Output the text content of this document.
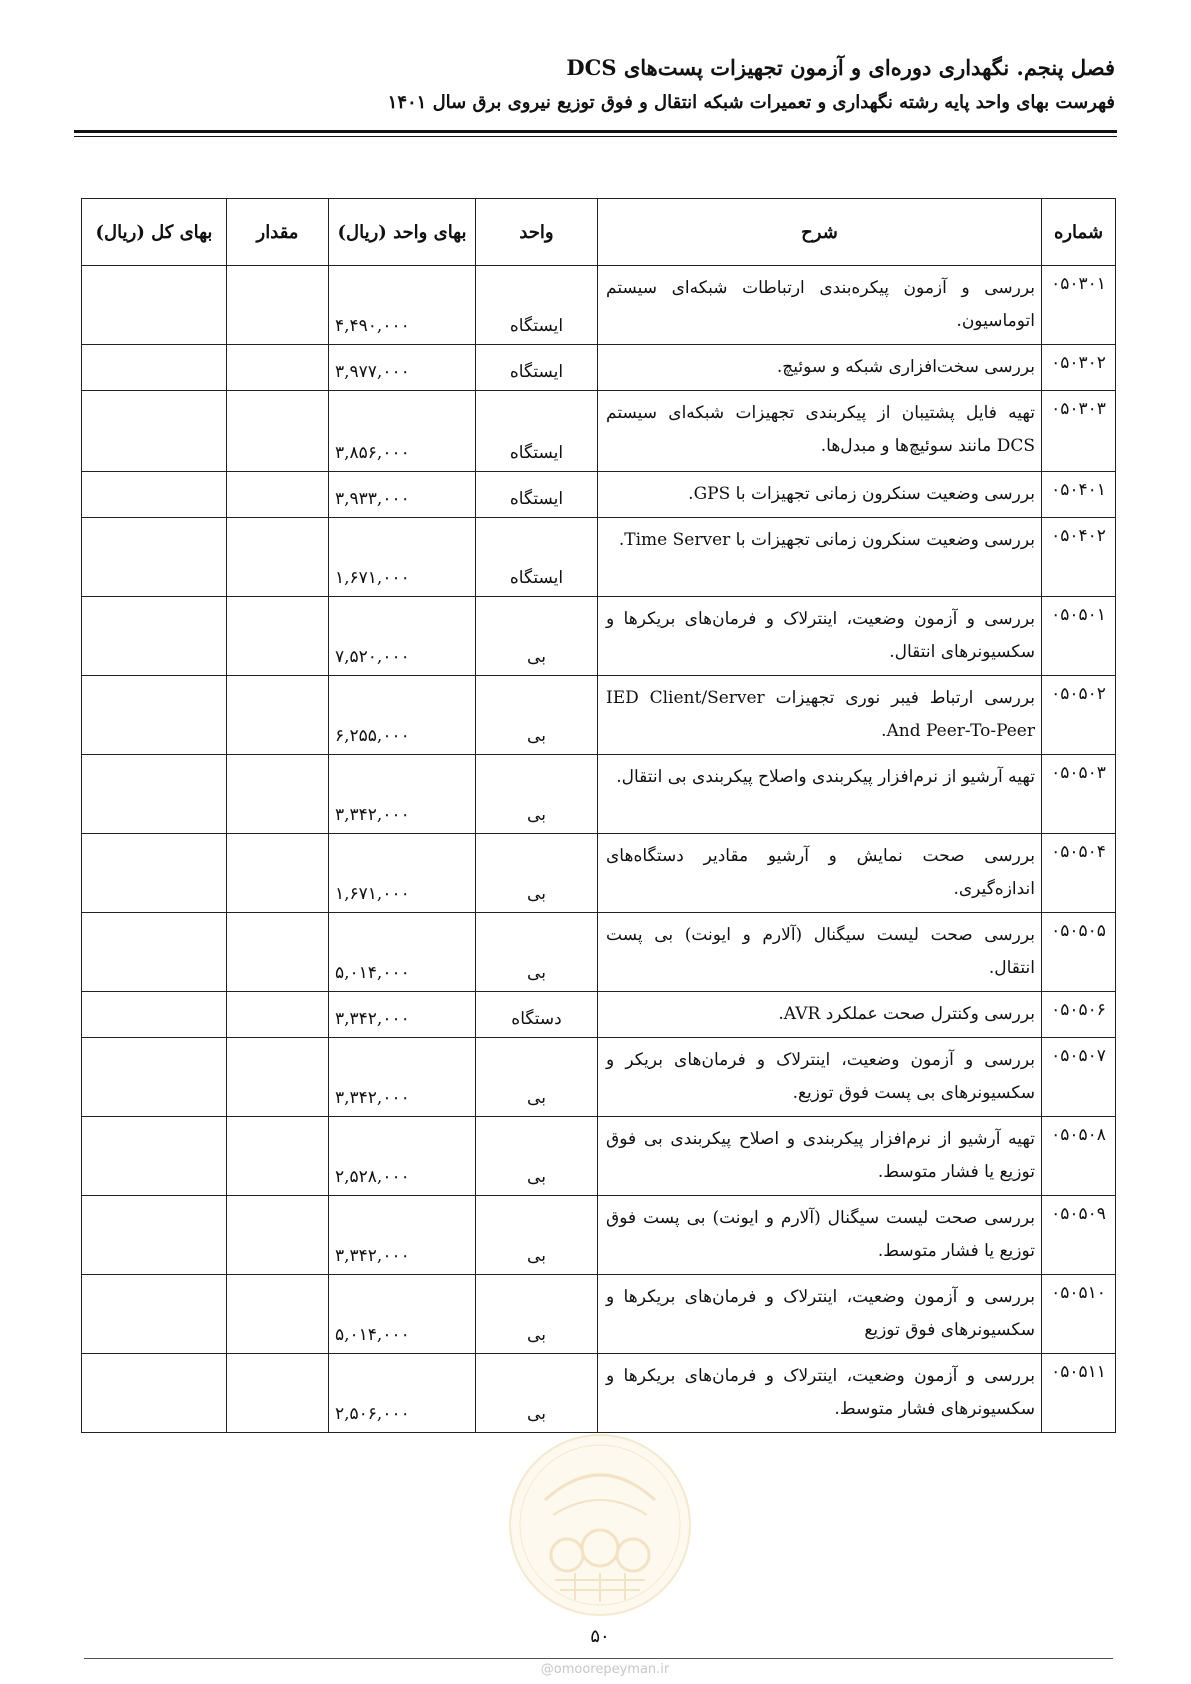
فصل پنجم. نگهداری دوره‌ای و آزمون تجهیزات پست‌های DCS
فهرست بهای واحد پایه رشته نگهداری و تعمیرات شبکه انتقال و فوق توزیع نیروی برق سال ۱۴۰۱
شماره	شرح	واحد	بهای واحد (ریال)	مقدار	بهای کل (ریال)
۰۵۰۳۰۱	بررسی و آزمون پیکره‌بندی ارتباطات شبکه‌ای سیستم اتوماسیون.	ایستگاه	۴,۴۹۰,۰۰۰		
۰۵۰۳۰۲	بررسی سخت‌افزاری شبکه و سوئیچ.	ایستگاه	۳,۹۷۷,۰۰۰		
۰۵۰۳۰۳	تهیه فایل پشتیبان از پیکربندی تجهیزات شبکه‌ای سیستم DCS مانند سوئیچ‌ها و مبدل‌ها.	ایستگاه	۳,۸۵۶,۰۰۰		
۰۵۰۴۰۱	بررسی وضعیت سنکرون زمانی تجهیزات با GPS.	ایستگاه	۳,۹۳۳,۰۰۰		
۰۵۰۴۰۲	بررسی وضعیت سنکرون زمانی تجهیزات با Time Server.	ایستگاه	۱,۶۷۱,۰۰۰		
۰۵۰۵۰۱	بررسی و آزمون وضعیت، اینترلاک و فرمان‌های بریکرها و سکسیونرهای انتقال.	بی	۷,۵۲۰,۰۰۰		
۰۵۰۵۰۲	بررسی ارتباط فیبر نوری تجهیزات IED Client/Server And Peer-To-Peer.	بی	۶,۲۵۵,۰۰۰		
۰۵۰۵۰۳	تهیه آرشیو از نرم‌افزار پیکربندی واصلاح پیکربندی بی انتقال.	بی	۳,۳۴۲,۰۰۰		
۰۵۰۵۰۴	بررسی صحت نمایش و آرشیو مقادیر دستگاه‌های اندازه‌گیری.	بی	۱,۶۷۱,۰۰۰		
۰۵۰۵۰۵	بررسی صحت لیست سیگنال (آلارم و ایونت) بی پست انتقال.	بی	۵,۰۱۴,۰۰۰		
۰۵۰۵۰۶	بررسی وکنترل صحت عملکرد AVR.	دستگاه	۳,۳۴۲,۰۰۰		
۰۵۰۵۰۷	بررسی و آزمون وضعیت، اینترلاک و فرمان‌های بریکر و سکسیونرهای بی پست فوق توزیع.	بی	۳,۳۴۲,۰۰۰		
۰۵۰۵۰۸	تهیه آرشیو از نرم‌افزار پیکربندی و اصلاح پیکربندی بی فوق توزیع یا فشار متوسط.	بی	۲,۵۲۸,۰۰۰		
۰۵۰۵۰۹	بررسی صحت لیست سیگنال (آلارم و ایونت) بی پست فوق توزیع یا فشار متوسط.	بی	۳,۳۴۲,۰۰۰		
۰۵۰۵۱۰	بررسی و آزمون وضعیت، اینترلاک و فرمان‌های بریکرها و سکسیونرهای فوق توزیع	بی	۵,۰۱۴,۰۰۰		
۰۵۰۵۱۱	بررسی و آزمون وضعیت، اینترلاک و فرمان‌های بریکرها و سکسیونرهای فشار متوسط.	بی	۲,۵۰۶,۰۰۰		
۵۰
@omoorepeyman.ir
